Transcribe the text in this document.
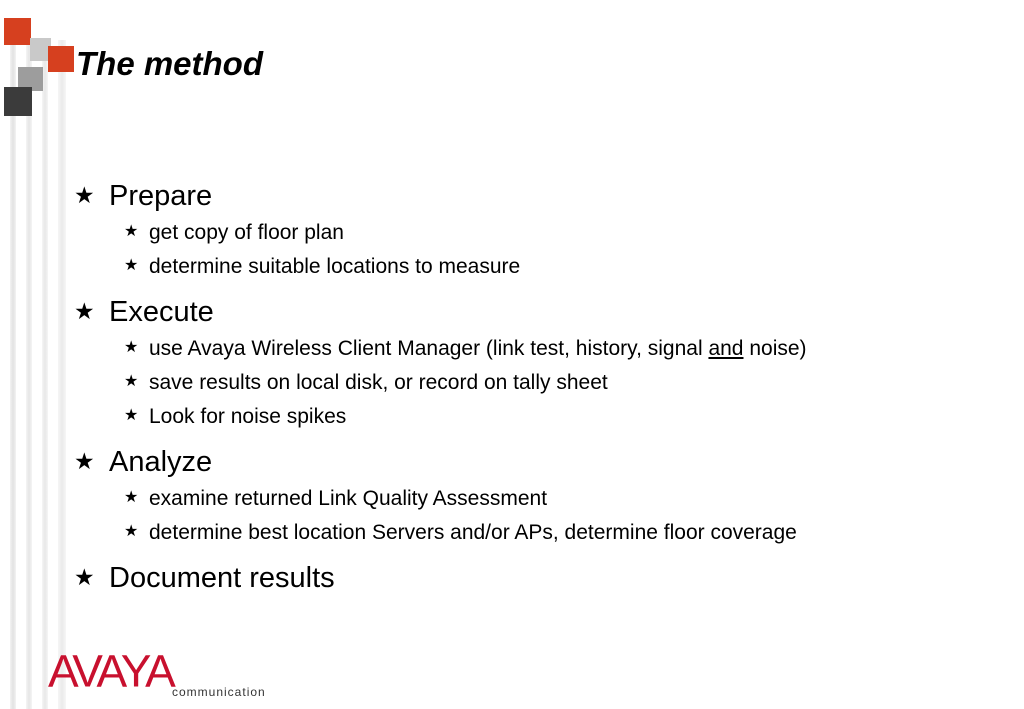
The method
★ Prepare
★ get copy of floor plan
★ determine suitable locations to measure
★ Execute
★ use Avaya Wireless Client Manager (link test, history, signal and noise)
★ save results on local disk, or record on tally sheet
★ Look for noise spikes
★ Analyze
★ examine returned Link Quality Assessment
★ determine best location Servers and/or APs, determine floor coverage
★ Document results
AVAYA communication
